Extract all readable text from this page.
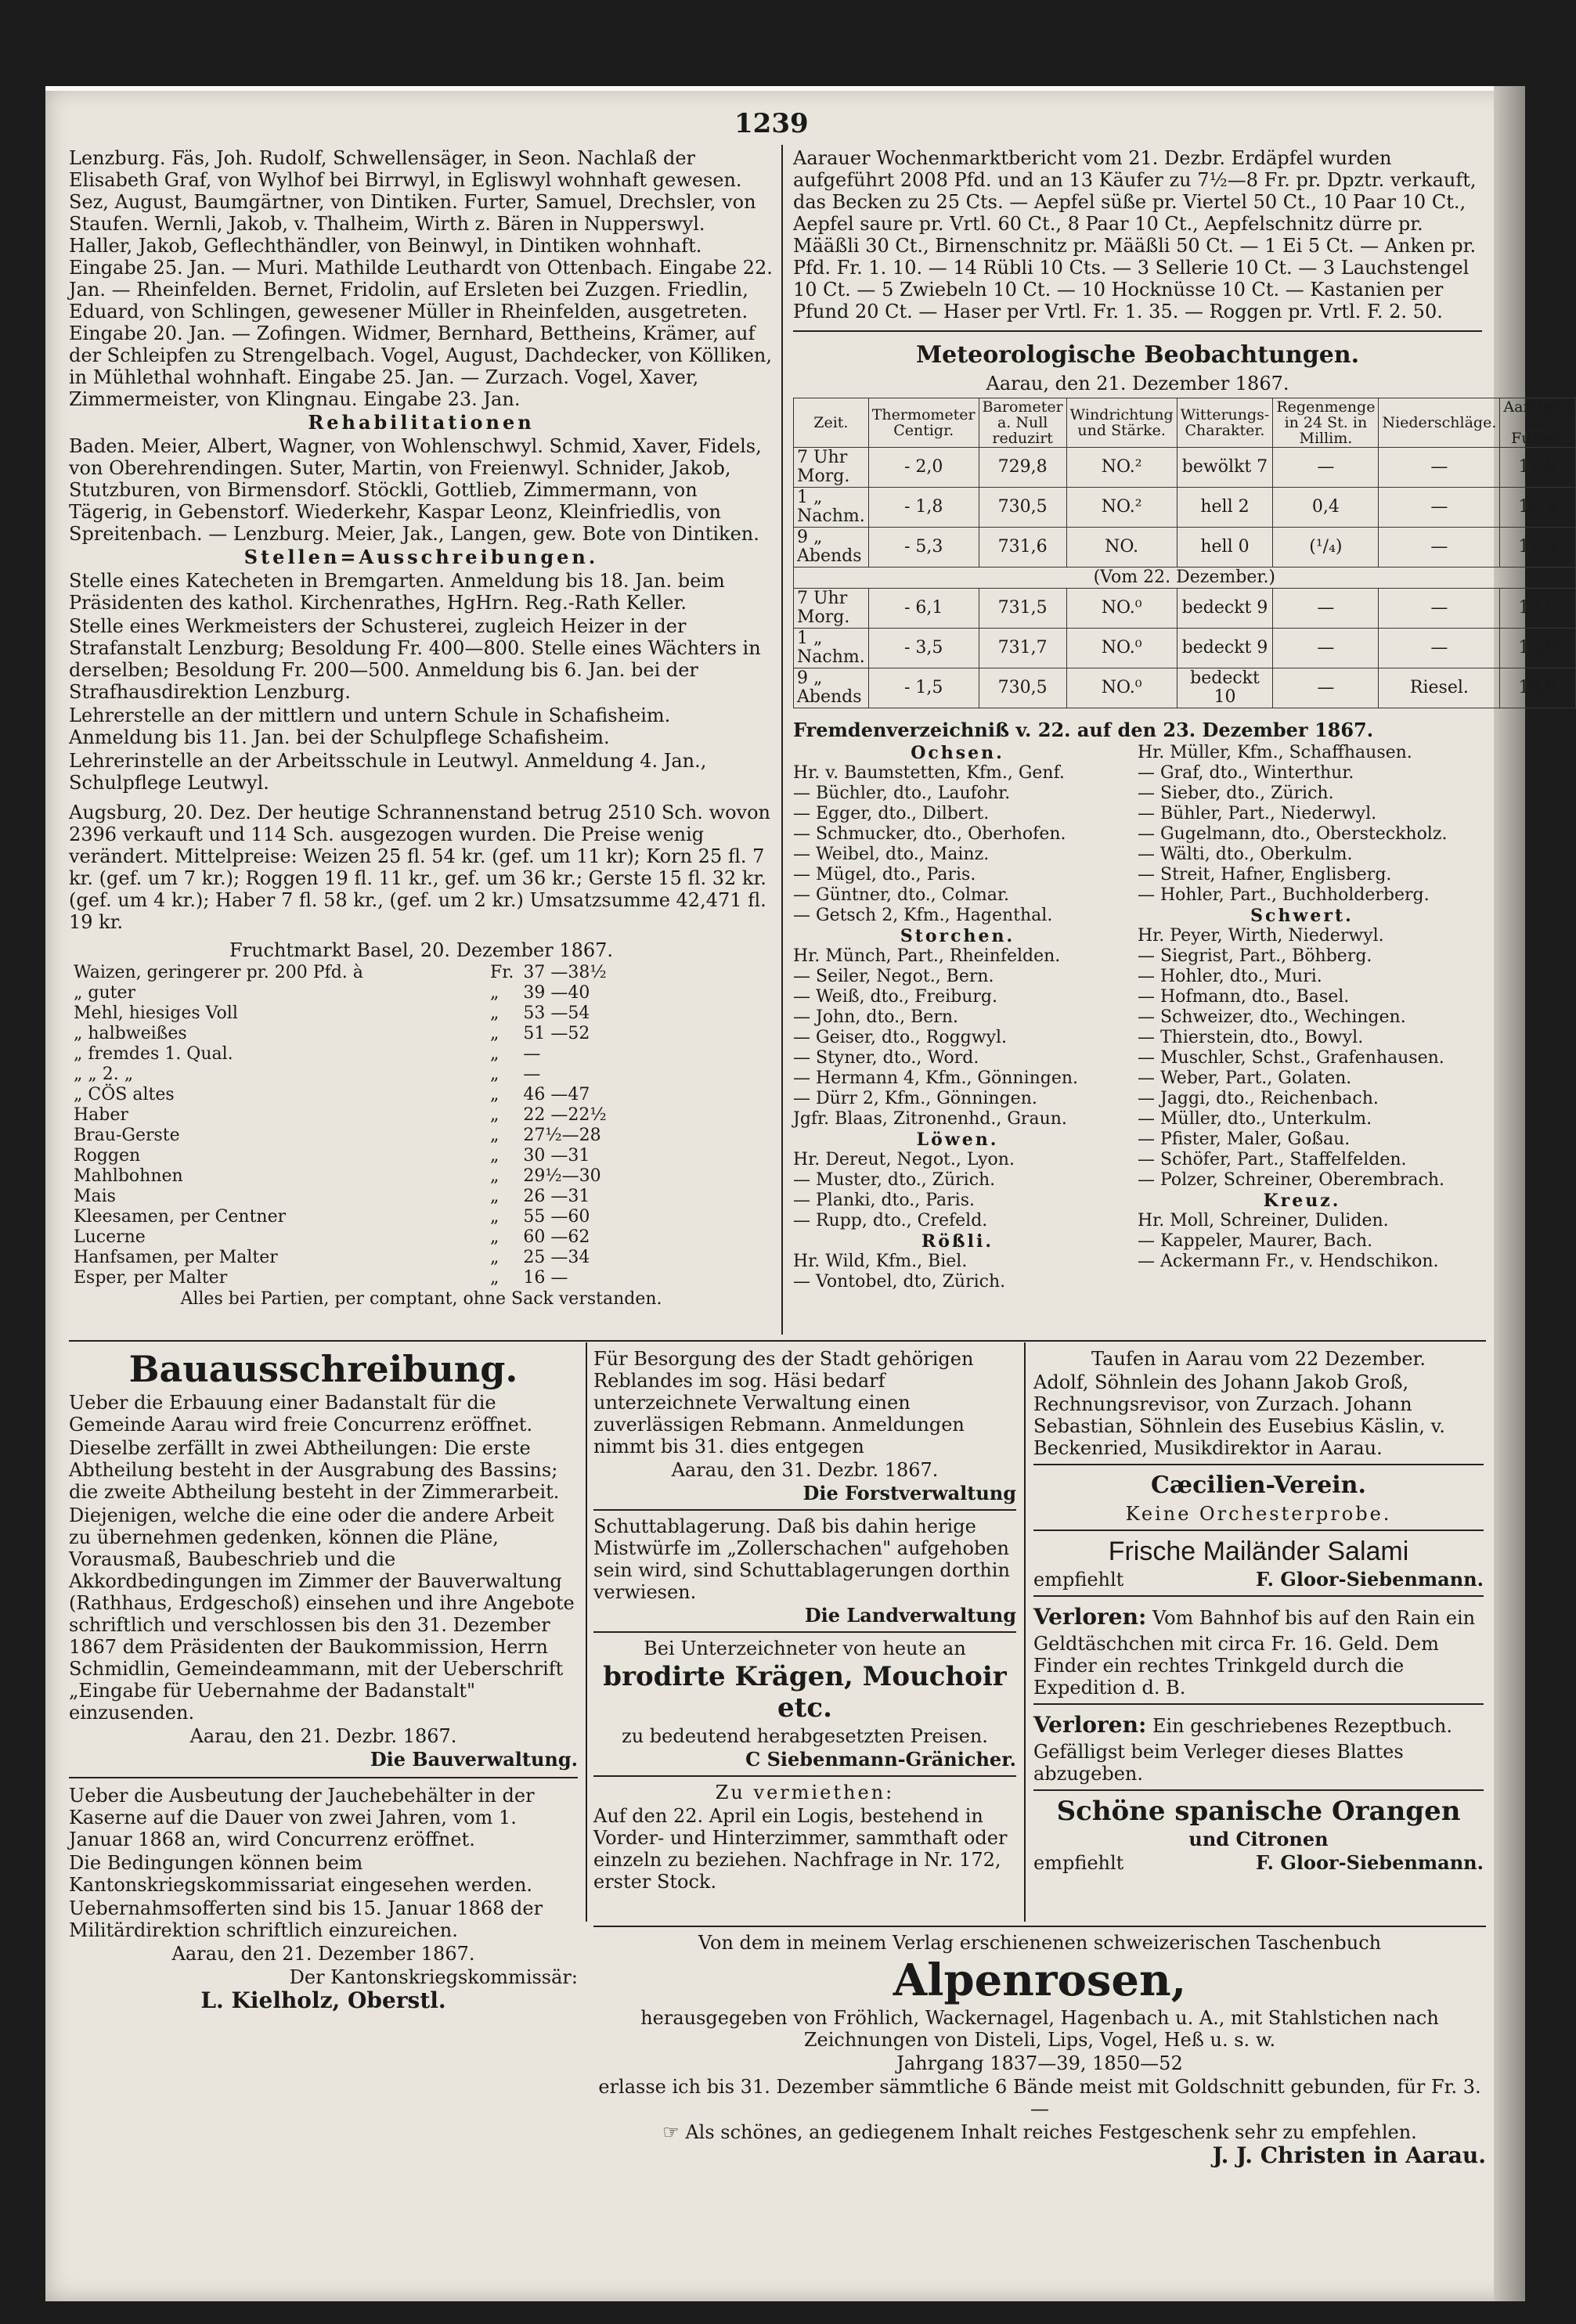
1239

Lenzburg. Fäs, Joh. Rudolf, Schwellensäger, in Seon. Nachlaß der Elisabeth Graf, von Wylhof bei Birrwyl, in Egliswyl wohnhaft gewesen. Sez, August, Baumgärtner, von Dintiken. Furter, Samuel, Drechsler, von Staufen. Wernli, Jakob, v. Thalheim, Wirth z. Bären in Nupperswyl. Haller, Jakob, Geflechthändler, von Beinwyl, in Dintiken wohnhaft. Eingabe 25. Jan. — Muri. Mathilde Leuthardt von Ottenbach. Eingabe 22. Jan. — Rheinfelden. Bernet, Fridolin, auf Ersleten bei Zuzgen. Friedlin, Eduard, von Schlingen, gewesener Müller in Rheinfelden, ausgetreten. Eingabe 20. Jan. — Zofingen. Widmer, Bernhard, Bettheins, Krämer, auf der Schleipfen zu Strengelbach. Vogel, August, Dachdecker, von Kölliken, in Mühlethal wohnhaft. Eingabe 25. Jan. — Zurzach. Vogel, Xaver, Zimmermeister, von Klingnau. Eingabe 23. Jan.

Rehabilitationen

Baden. Meier, Albert, Wagner, von Wohlenschwyl. Schmid, Xaver, Fidels, von Oberehrendingen. Suter, Martin, von Freienwyl. Schnider, Jakob, Stutzburen, von Birmensdorf. Stöckli, Gottlieb, Zimmermann, von Tägerig, in Gebenstorf. Wiederkehr, Kaspar Leonz, Kleinfriedlis, von Spreitenbach. — Lenzburg. Meier, Jak., Langen, gew. Bote von Dintiken.

Stellen=Ausschreibungen.

Stelle eines Katecheten in Bremgarten. Anmeldung bis 18. Jan. beim Präsidenten des kathol. Kirchenrathes, HgHrn. Reg.-Rath Keller.

Stelle eines Werkmeisters der Schusterei, zugleich Heizer in der Strafanstalt Lenzburg; Besoldung Fr. 400—800. Stelle eines Wächters in derselben; Besoldung Fr. 200—500. Anmeldung bis 6. Jan. bei der Strafhausdirektion Lenzburg.

Lehrerstelle an der mittlern und untern Schule in Schafisheim. Anmeldung bis 11. Jan. bei der Schulpflege Schafisheim.

Lehrerinstelle an der Arbeitsschule in Leutwyl. Anmeldung 4. Jan., Schulpflege Leutwyl.

Augsburg, 20. Dez. Der heutige Schrannenstand betrug 2510 Sch. wovon 2396 verkauft und 114 Sch. ausgezogen wurden. Die Preise wenig verändert. Mittelpreise: Weizen 25 fl. 54 kr. (gef. um 11 kr); Korn 25 fl. 7 kr. (gef. um 7 kr.); Roggen 19 fl. 11 kr., gef. um 36 kr.; Gerste 15 fl. 32 kr. (gef. um 4 kr.); Haber 7 fl. 58 kr., (gef. um 2 kr.) Umsatzsumme 42,471 fl. 19 kr.

Fruchtmarkt Basel, 20. Dezember 1867.

Waizen, geringerer pr. 200 Pfd. à	Fr.	37 —38½
„ guter	„	39 —40
Mehl, hiesiges Voll	„	53 —54
„ halbweißes	„	51 —52
„ fremdes 1. Qual.	„	—
„ „ 2. „	„	—
„ CÖS altes	„	46 —47
Haber	„	22 —22½
Brau-Gerste	„	27½—28
Roggen	„	30 —31
Mahlbohnen	„	29½—30
Mais	„	26 —31
Kleesamen, per Centner	„	55 —60
Lucerne	„	60 —62
Hanfsamen, per Malter	„	25 —34
Esper, per Malter	„	16 —

Alles bei Partien, per comptant, ohne Sack verstanden.

Aarauer Wochenmarktbericht vom 21. Dezbr. Erdäpfel wurden aufgeführt 2008 Pfd. und an 13 Käufer zu 7½—8 Fr. pr. Dpztr. verkauft, das Becken zu 25 Cts. — Aepfel süße pr. Viertel 50 Ct., 10 Paar 10 Ct., Aepfel saure pr. Vrtl. 60 Ct., 8 Paar 10 Ct., Aepfelschnitz dürre pr. Määßli 30 Ct., Birnenschnitz pr. Määßli 50 Ct. — 1 Ei 5 Ct. — Anken pr. Pfd. Fr. 1. 10. — 14 Rübli 10 Cts. — 3 Sellerie 10 Ct. — 3 Lauchstengel 10 Ct. — 5 Zwiebeln 10 Ct. — 10 Hocknüsse 10 Ct. — Kastanien per Pfund 20 Ct. — Haser per Vrtl. Fr. 1. 35. — Roggen pr. Vrtl. F. 2. 50.

Meteorologische Beobachtungen.

Aarau, den 21. Dezember 1867.

Zeit.	Thermometer Centigr.	Barometer a. Null reduzirt	Windrichtung und Stärke.	Witterungs-Charakter.	Regenmenge in 24 St. in Millim.	Niederschläge.	Aarstand in Fußen.
7 Uhr Morg.	- 2,0	729,8	NO.²	bewölkt 7	—	—	12,9
1 „ Nachm.	- 1,8	730,5	NO.²	hell 2	0,4	—	12,9
9 „ Abends	- 5,3	731,6	NO.	hell 0	(¹/₄)	—	12,9
(Vom 22. Dezember.)							
7 Uhr Morg.	- 6,1	731,5	NO.⁰	bedeckt 9	—	—	13,0
1 „ Nachm.	- 3,5	731,7	NO.⁰	bedeckt 9	—	—	13,0
9 „ Abends	- 1,5	730,5	NO.⁰	bedeckt 10	—	Riesel.	13,0

Fremdenverzeichniß v. 22. auf den 23. Dezember 1867.

Ochsen.

Hr. v. Baumstetten, Kfm., Genf.

— Büchler, dto., Laufohr.

— Egger, dto., Dilbert.

— Schmucker, dto., Oberhofen.

— Weibel, dto., Mainz.

— Mügel, dto., Paris.

— Güntner, dto., Colmar.

— Getsch 2, Kfm., Hagenthal.

Storchen.

Hr. Münch, Part., Rheinfelden.

— Seiler, Negot., Bern.

— Weiß, dto., Freiburg.

— John, dto., Bern.

— Geiser, dto., Roggwyl.

— Styner, dto., Word.

— Hermann 4, Kfm., Gönningen.

— Dürr 2, Kfm., Gönningen.

Jgfr. Blaas, Zitronenhd., Graun.

Löwen.

Hr. Dereut, Negot., Lyon.

— Muster, dto., Zürich.

— Planki, dto., Paris.

— Rupp, dto., Crefeld.

Rößli.

Hr. Wild, Kfm., Biel.

— Vontobel, dto, Zürich.

Hr. Müller, Kfm., Schaffhausen.

— Graf, dto., Winterthur.

— Sieber, dto., Zürich.

— Bühler, Part., Niederwyl.

— Gugelmann, dto., Obersteckholz.

— Wälti, dto., Oberkulm.

— Streit, Hafner, Englisberg.

— Hohler, Part., Buchholderberg.

Schwert.

Hr. Peyer, Wirth, Niederwyl.

— Siegrist, Part., Böhberg.

— Hohler, dto., Muri.

— Hofmann, dto., Basel.

— Schweizer, dto., Wechingen.

— Thierstein, dto., Bowyl.

— Muschler, Schst., Grafenhausen.

— Weber, Part., Golaten.

— Jaggi, dto., Reichenbach.

— Müller, dto., Unterkulm.

— Pfister, Maler, Goßau.

— Schöfer, Part., Staffelfelden.

— Polzer, Schreiner, Oberembrach.

Kreuz.

Hr. Moll, Schreiner, Duliden.

— Kappeler, Maurer, Bach.

— Ackermann Fr., v. Hendschikon.

Bauausschreibung.

Ueber die Erbauung einer Badanstalt für die Gemeinde Aarau wird freie Concurrenz eröffnet.

Dieselbe zerfällt in zwei Abtheilungen: Die erste Abtheilung besteht in der Ausgrabung des Bassins; die zweite Abtheilung besteht in der Zimmerarbeit.

Diejenigen, welche die eine oder die andere Arbeit zu übernehmen gedenken, können die Pläne, Vorausmaß, Baubeschrieb und die Akkordbedingungen im Zimmer der Bauverwaltung (Rathhaus, Erdgeschoß) einsehen und ihre Angebote schriftlich und verschlossen bis den 31. Dezember 1867 dem Präsidenten der Baukommission, Herrn Schmidlin, Gemeindeammann, mit der Ueberschrift „Eingabe für Uebernahme der Badanstalt" einzusenden.

Aarau, den 21. Dezbr. 1867.

Die Bauverwaltung.

Ueber die Ausbeutung der Jauchebehälter in der Kaserne auf die Dauer von zwei Jahren, vom 1. Januar 1868 an, wird Concurrenz eröffnet.

Die Bedingungen können beim Kantonskriegskommissariat eingesehen werden.

Uebernahmsofferten sind bis 15. Januar 1868 der Militärdirektion schriftlich einzureichen.

Aarau, den 21. Dezember 1867.

Der Kantonskriegskommissär:

L. Kielholz, Oberstl.

Für Besorgung des der Stadt gehörigen Reblandes im sog. Häsi bedarf unterzeichnete Verwaltung einen zuverlässigen Rebmann. Anmeldungen nimmt bis 31. dies entgegen

Aarau, den 31. Dezbr. 1867.

Die Forstverwaltung

Schuttablagerung. Daß bis dahin herige Mistwürfe im „Zollerschachen" aufgehoben sein wird, sind Schuttablagerungen dorthin verwiesen.

Die Landverwaltung

Bei Unterzeichneter von heute an

brodirte Krägen, Mouchoir etc.

zu bedeutend herabgesetzten Preisen.

C Siebenmann-Gränicher.

Zu vermiethen:

Auf den 22. April ein Logis, bestehend in Vorder- und Hinterzimmer, sammthaft oder einzeln zu beziehen. Nachfrage in Nr. 172, erster Stock.

Taufen in Aarau vom 22 Dezember.

Adolf, Söhnlein des Johann Jakob Groß, Rechnungsrevisor, von Zurzach. Johann Sebastian, Söhnlein des Eusebius Käslin, v. Beckenried, Musikdirektor in Aarau.

Cæcilien-Verein.

Keine Orchesterprobe.

Frische Mailänder Salami

empfiehlt	F. Gloor-Siebenmann.

Verloren: Vom Bahnhof bis auf den Rain ein Geldtäschchen mit circa Fr. 16. Geld. Dem Finder ein rechtes Trinkgeld durch die Expedition d. B.

Verloren: Ein geschriebenes Rezeptbuch. Gefälligst beim Verleger dieses Blattes abzugeben.

Schöne spanische Orangen

und Citronen

empfiehlt	F. Gloor-Siebenmann.

Von dem in meinem Verlag erschienenen schweizerischen Taschenbuch

Alpenrosen,

herausgegeben von Fröhlich, Wackernagel, Hagenbach u. A., mit Stahlstichen nach Zeichnungen von Disteli, Lips, Vogel, Heß u. s. w.

Jahrgang 1837—39, 1850—52

erlasse ich bis 31. Dezember sämmtliche 6 Bände meist mit Goldschnitt gebunden, für Fr. 3. —

☞ Als schönes, an gediegenem Inhalt reiches Festgeschenk sehr zu empfehlen.

J. J. Christen in Aarau.
